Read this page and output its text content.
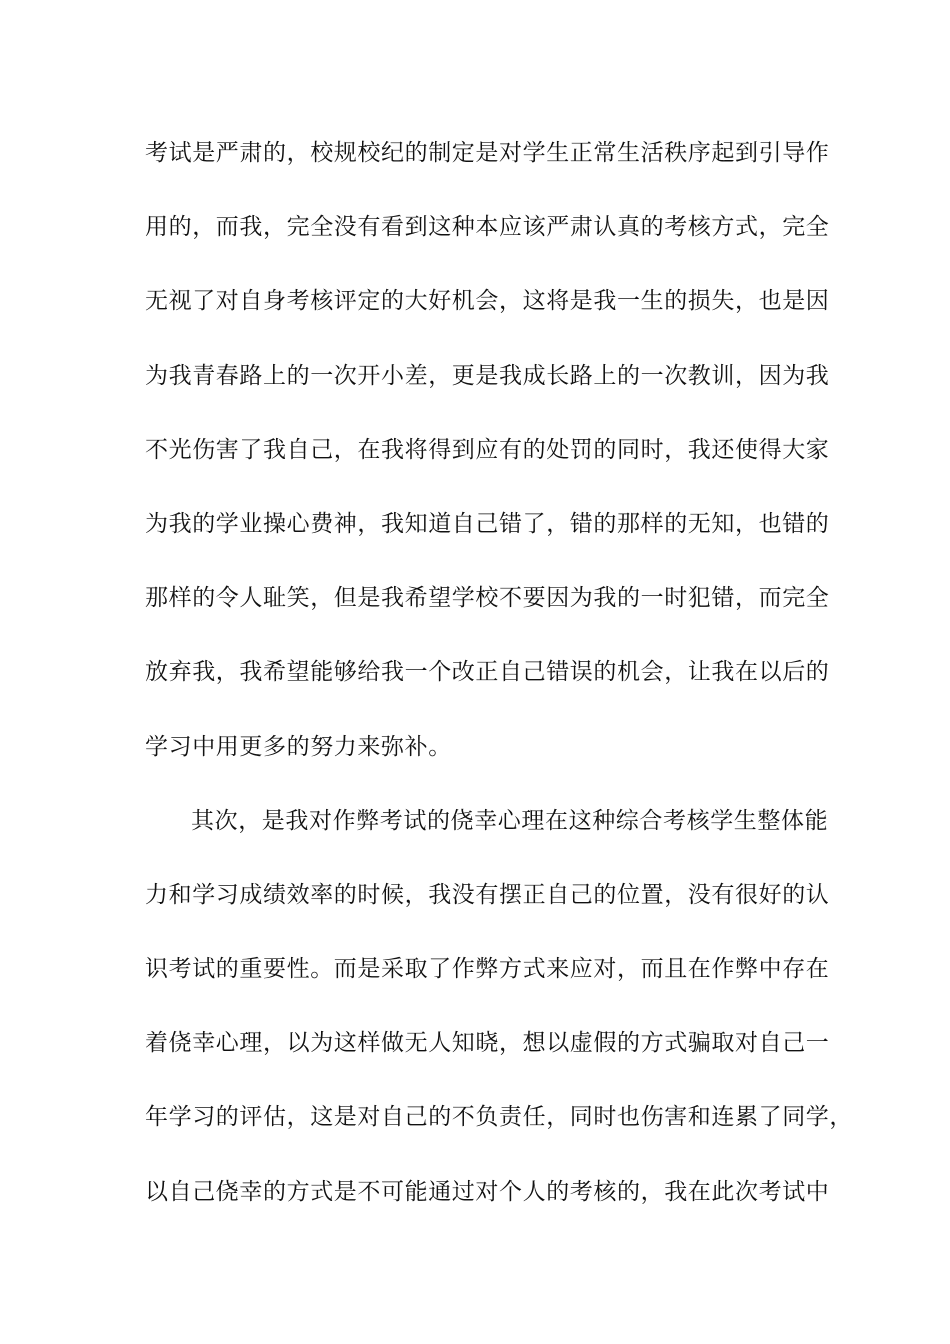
考试是严肃的，校规校纪的制定是对学生正常生活秩序起到引导作
用的，而我，完全没有看到这种本应该严肃认真的考核方式，完全
无视了对自身考核评定的大好机会，这将是我一生的损失，也是因
为我青春路上的一次开小差，更是我成长路上的一次教训，因为我
不光伤害了我自己，在我将得到应有的处罚的同时，我还使得大家
为我的学业操心费神，我知道自己错了，错的那样的无知，也错的
那样的令人耻笑，但是我希望学校不要因为我的一时犯错，而完全
放弃我，我希望能够给我一个改正自己错误的机会，让我在以后的
学习中用更多的努力来弥补。
其次，是我对作弊考试的侥幸心理在这种综合考核学生整体能
力和学习成绩效率的时候，我没有摆正自己的位置，没有很好的认
识考试的重要性。而是采取了作弊方式来应对，而且在作弊中存在
着侥幸心理，以为这样做无人知晓，想以虚假的方式骗取对自己一
年学习的评估，这是对自己的不负责任，同时也伤害和连累了同学，
以自己侥幸的方式是不可能通过对个人的考核的，我在此次考试中
